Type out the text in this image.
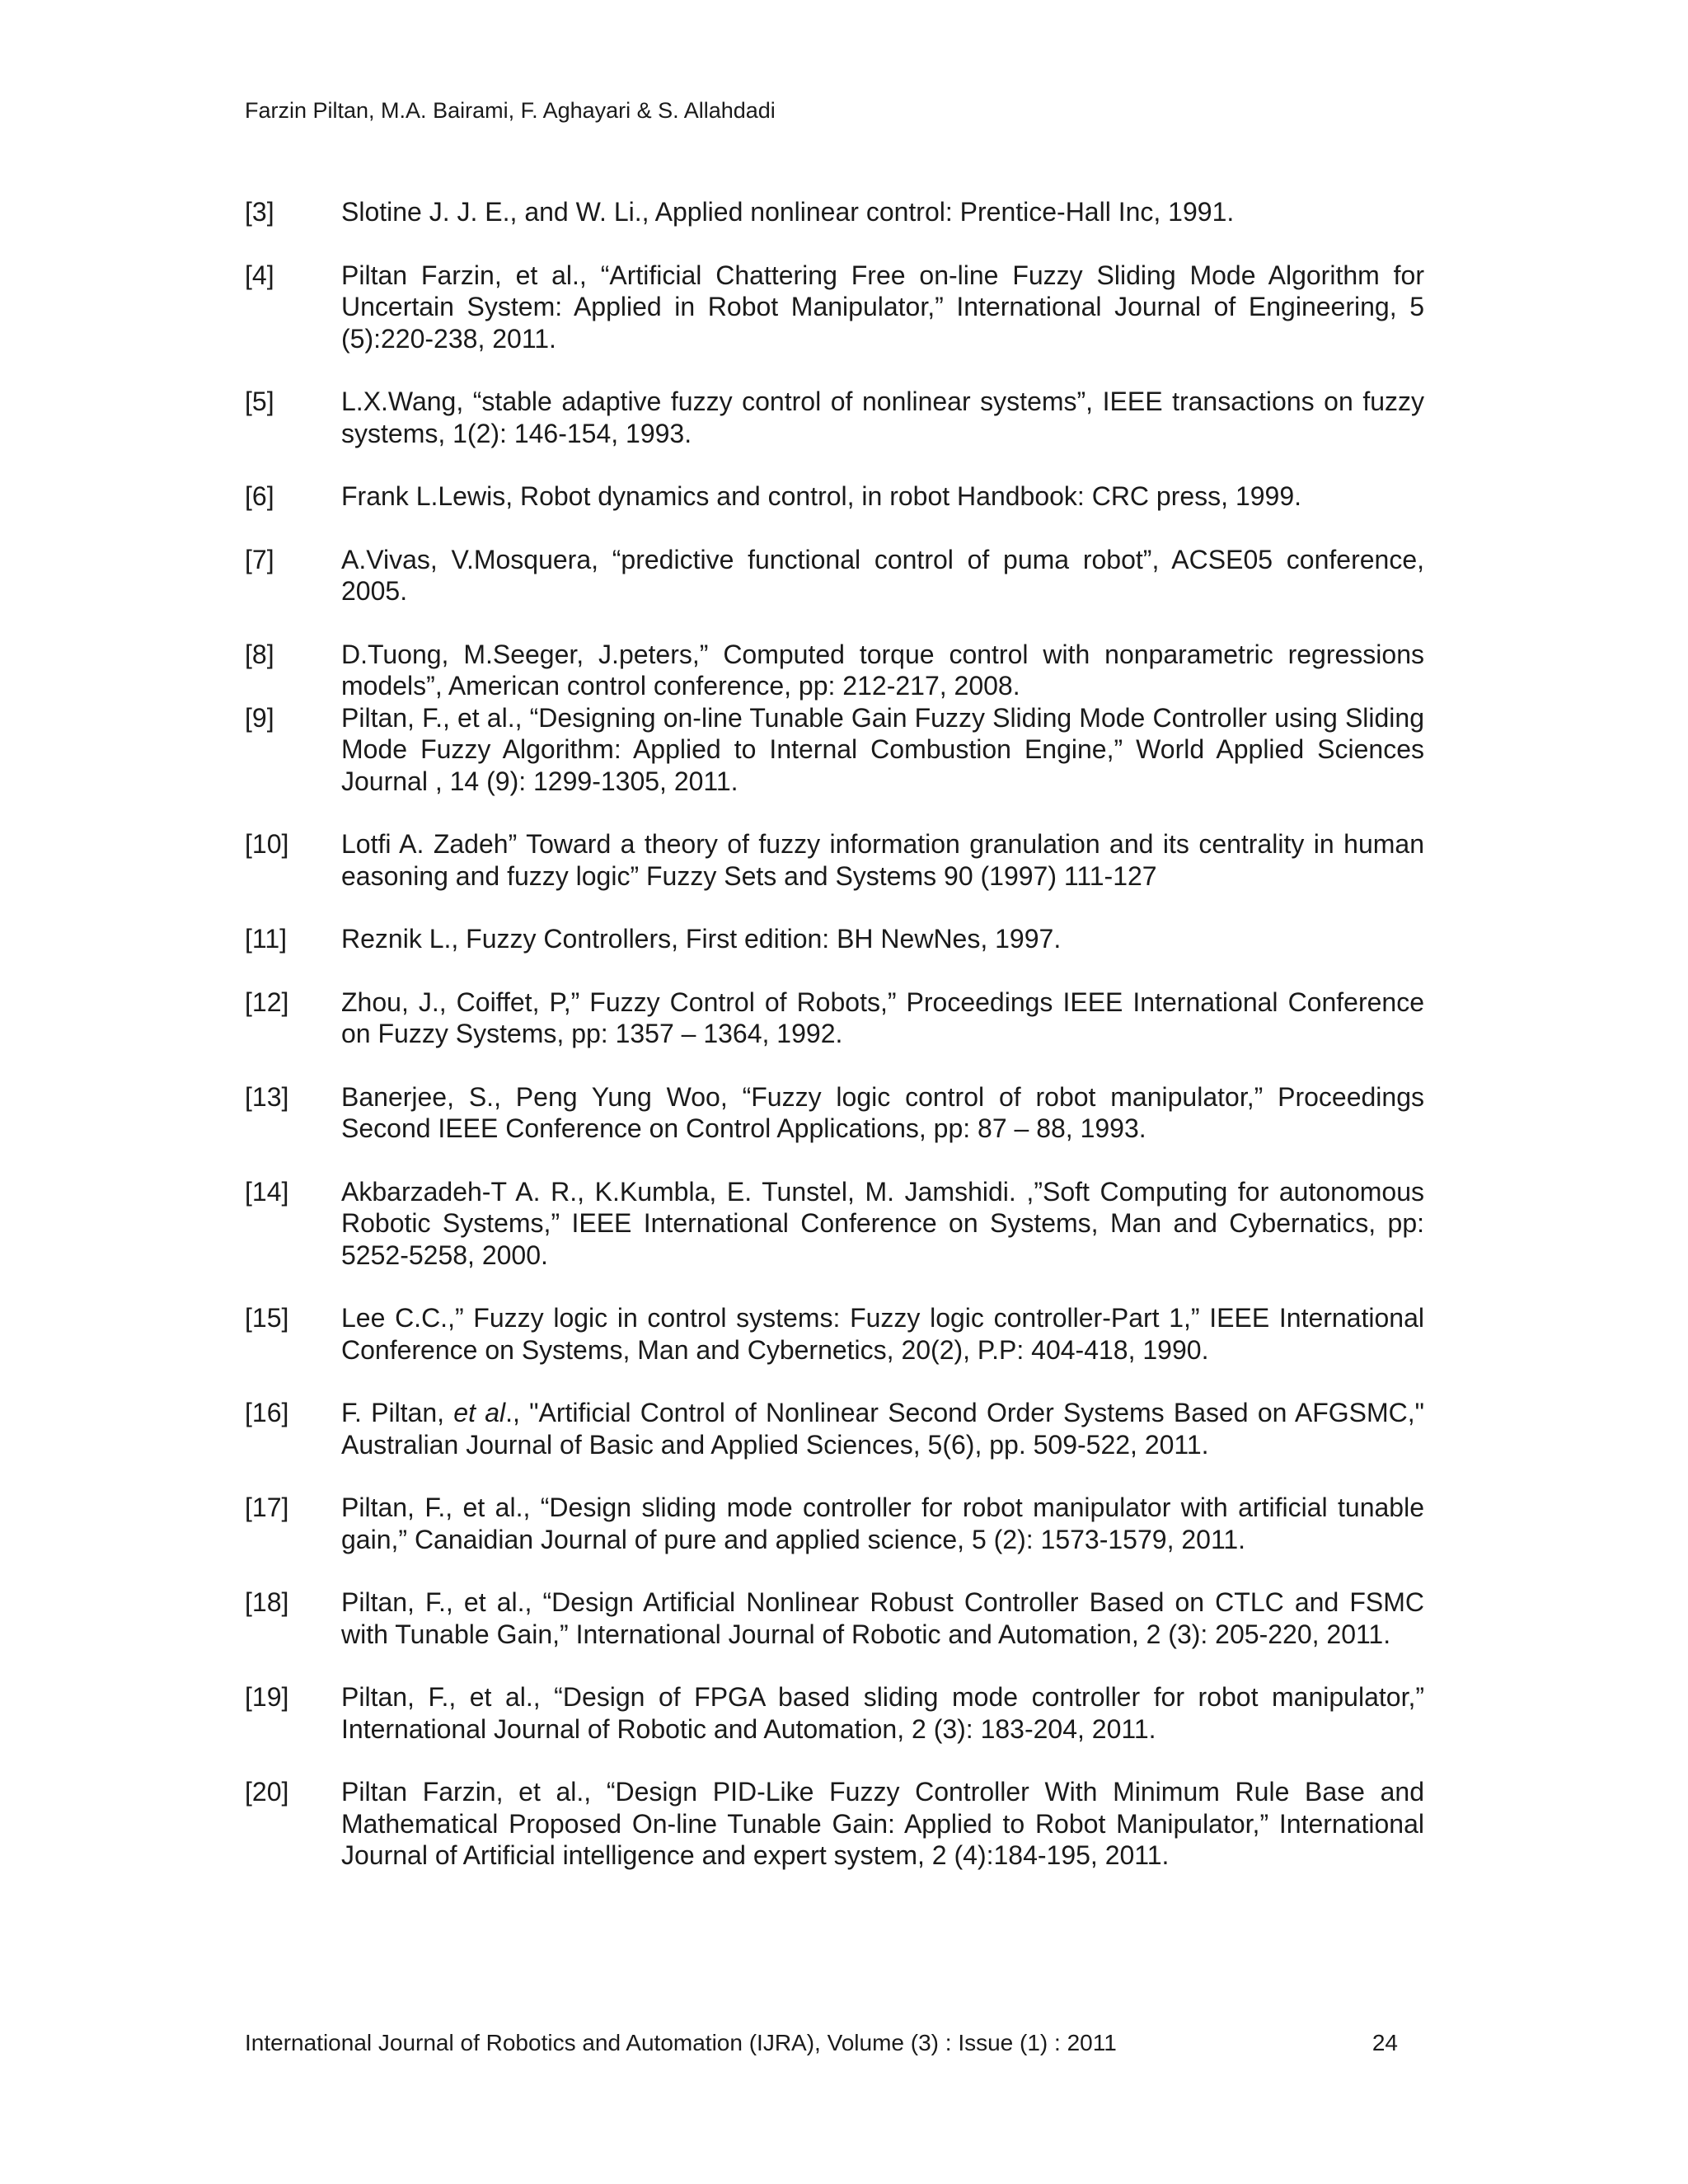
Farzin Piltan, M.A. Bairami, F. Aghayari & S. Allahdadi
[3]	Slotine J. J. E., and W. Li., Applied nonlinear control: Prentice-Hall Inc, 1991.
[4]	Piltan Farzin, et al., “Artificial Chattering Free on-line Fuzzy Sliding Mode Algorithm for Uncertain System: Applied in Robot Manipulator,” International Journal of Engineering, 5 (5):220-238, 2011.
[5]	L.X.Wang, “stable adaptive fuzzy control of nonlinear systems”, IEEE transactions on fuzzy systems, 1(2): 146-154, 1993.
[6]	Frank L.Lewis, Robot dynamics and control, in robot Handbook: CRC press, 1999.
[7]	A.Vivas, V.Mosquera, “predictive functional control of puma robot”, ACSE05 conference, 2005.
[8]	D.Tuong, M.Seeger, J.peters,” Computed torque control with nonparametric regressions models”, American control conference, pp: 212-217, 2008.
[9]	Piltan, F., et al., “Designing on-line Tunable Gain Fuzzy Sliding Mode Controller using Sliding Mode Fuzzy Algorithm: Applied to Internal Combustion Engine,” World Applied Sciences Journal , 14 (9): 1299-1305, 2011.
[10] Lotfi A. Zadeh” Toward a theory of fuzzy information granulation and its centrality in human easoning and fuzzy logic” Fuzzy Sets and Systems 90 (1997) 111-127
[11] Reznik L., Fuzzy Controllers, First edition: BH NewNes, 1997.
[12] Zhou, J., Coiffet, P,” Fuzzy Control of Robots,” Proceedings IEEE International Conference on Fuzzy Systems, pp: 1357 – 1364, 1992.
[13] Banerjee, S., Peng Yung Woo, “Fuzzy logic control of robot manipulator,” Proceedings Second IEEE Conference on Control Applications, pp: 87 – 88, 1993.
[14] Akbarzadeh-T A. R., K.Kumbla, E. Tunstel, M. Jamshidi. ,”Soft Computing for autonomous Robotic Systems,” IEEE International Conference on Systems, Man and Cybernatics, pp: 5252-5258, 2000.
[15] Lee C.C.,” Fuzzy logic in control systems: Fuzzy logic controller-Part 1,” IEEE International Conference on Systems, Man and Cybernetics, 20(2), P.P: 404-418, 1990.
[16] F. Piltan, et al., "Artificial Control of Nonlinear Second Order Systems Based on AFGSMC," Australian Journal of Basic and Applied Sciences, 5(6), pp. 509-522, 2011.
[17] Piltan, F., et al., “Design sliding mode controller for robot manipulator with artificial tunable gain,” Canaidian Journal of pure and applied science, 5 (2): 1573-1579, 2011.
[18] Piltan, F., et al., “Design Artificial Nonlinear Robust Controller Based on CTLC and FSMC with Tunable Gain,” International Journal of Robotic and Automation, 2 (3): 205-220, 2011.
[19] Piltan, F., et al., “Design of FPGA based sliding mode controller for robot manipulator,” International Journal of Robotic and Automation, 2 (3): 183-204, 2011.
[20] Piltan Farzin, et al., “Design PID-Like Fuzzy Controller With Minimum Rule Base and Mathematical Proposed On-line Tunable Gain: Applied to Robot Manipulator,” International Journal of Artificial intelligence and expert system, 2 (4):184-195, 2011.
International Journal of Robotics and Automation (IJRA), Volume (3) : Issue (1) : 2011	24
